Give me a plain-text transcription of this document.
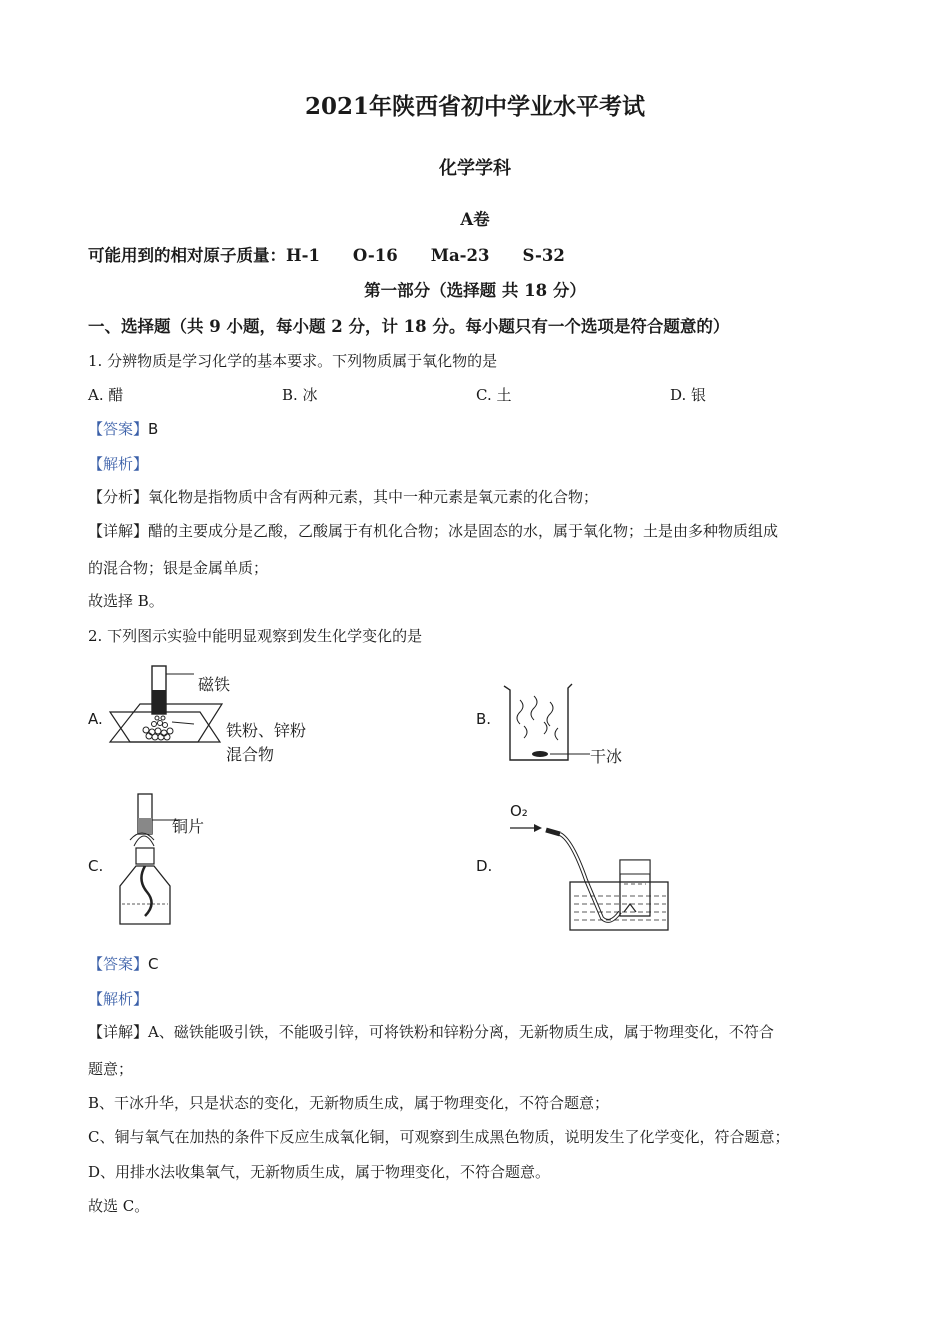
2021年陕西省初中学业水平考试
化学学科
A卷
可能用到的相对原子质量：H-1　　O-16　　Ma-23　　S-32
第一部分（选择题 共 18 分）
一、选择题（共 9 小题，每小题 2 分，计 18 分。每小题只有一个选项是符合题意的）
1. 分辨物质是学习化学的基本要求。下列物质属于氧化物的是
A. 醋	B. 冰	C. 土	D. 银
【答案】B
【解析】
【分析】氧化物是指物质中含有两种元素，其中一种元素是氧元素的化合物；
【详解】醋的主要成分是乙酸，乙酸属于有机化合物；冰是固态的水，属于氧化物；土是由多种物质组成
的混合物；银是金属单质；
故选择 B。
2. 下列图示实验中能明显观察到发生化学变化的是
A.	B.
C.	D.
磁铁
铁粉、锌粉
混合物	干冰
铜片
O₂
【答案】C
【解析】
【详解】A、磁铁能吸引铁，不能吸引锌，可将铁粉和锌粉分离，无新物质生成，属于物理变化，不符合
题意；
B、干冰升华，只是状态的变化，无新物质生成，属于物理变化，不符合题意；
C、铜与氧气在加热的条件下反应生成氧化铜，可观察到生成黑色物质，说明发生了化学变化，符合题意；
D、用排水法收集氧气，无新物质生成，属于物理变化，不符合题意。
故选 C。
